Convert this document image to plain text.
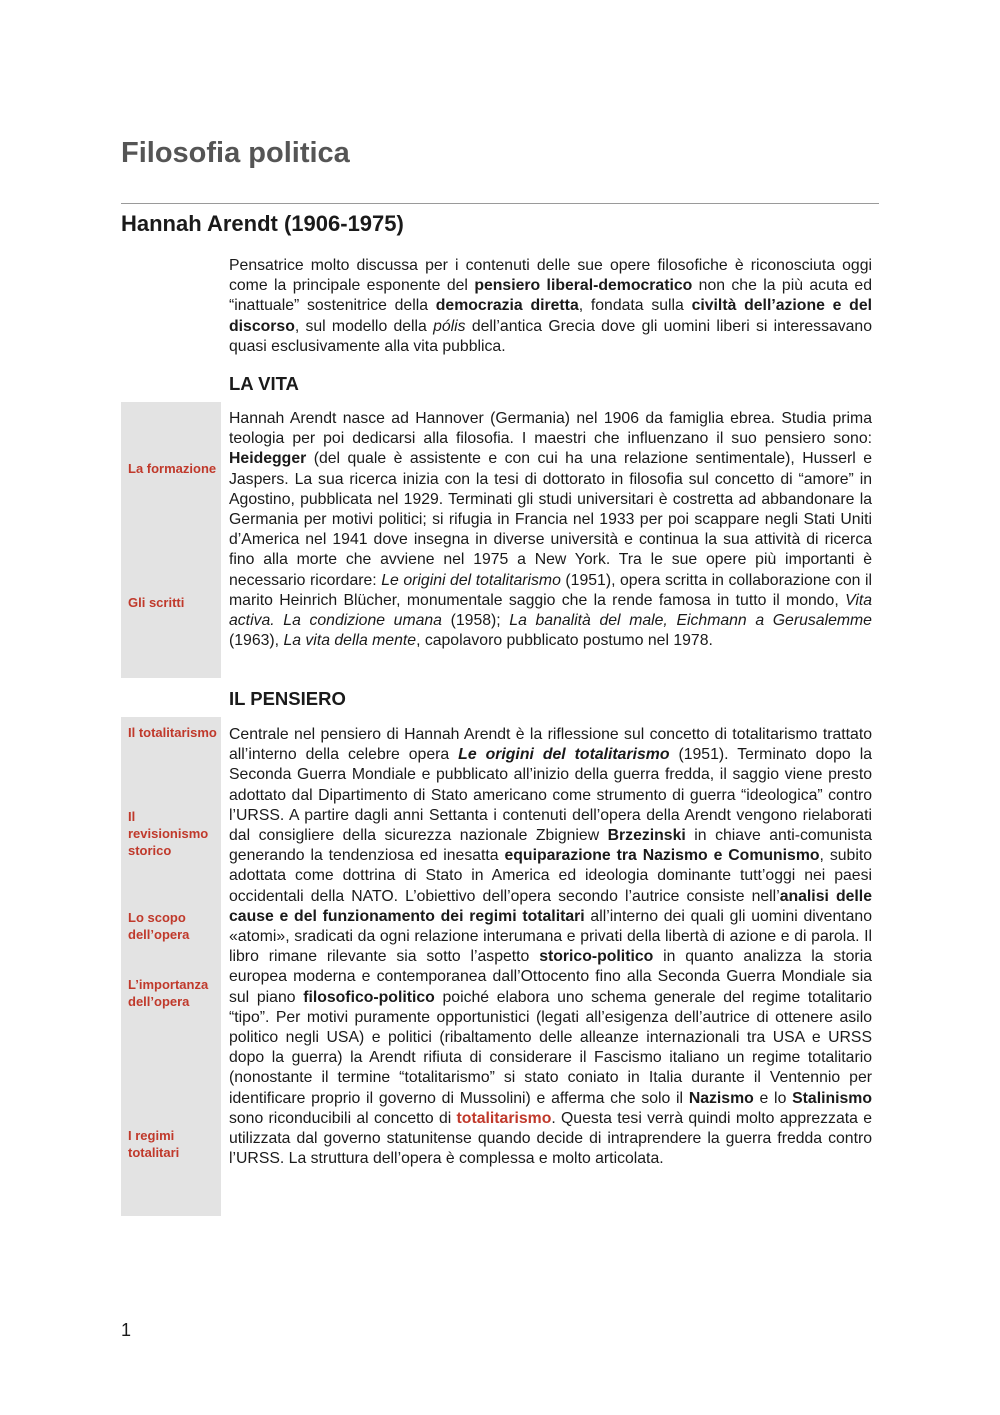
Filosofia politica
Hannah Arendt (1906-1975)

Pensatrice molto discussa per i contenuti delle sue opere filosofiche è riconosciuta oggi come la principale esponente del pensiero liberal-democratico non che la più acuta ed “inattuale” sostenitrice della democrazia diretta, fondata sulla civiltà dell’azione e del discorso, sul modello della pólis dell’antica Grecia dove gli uomini liberi si interessavano quasi esclusivamente alla vita pubblica.

LA VITA
La formazione
Gli scritti

Hannah Arendt nasce ad Hannover (Germania) nel 1906 da famiglia ebrea. Studia prima teologia per poi dedicarsi alla filosofia. I maestri che influenzano il suo pensiero sono: Heidegger (del quale è assistente e con cui ha una relazione sentimentale), Husserl e Jaspers. La sua ricerca inizia con la tesi di dottorato in filosofia sul concetto di “amore” in Agostino, pubblicata nel 1929. Terminati gli studi universitari è costretta ad abbandonare la Germania per motivi politici; si rifugia in Francia nel 1933 per poi scappare negli Stati Uniti d’America nel 1941 dove insegna in diverse università e continua la sua attività di ricerca fino alla morte che avviene nel 1975 a New York. Tra le sue opere più importanti è necessario ricordare: Le origini del totalitarismo (1951), opera scritta in collaborazione con il marito Heinrich Blücher, monumentale saggio che la rende famosa in tutto il mondo, Vita activa. La condizione umana (1958); La banalità del male, Eichmann a Gerusalemme (1963), La vita della mente, capolavoro pubblicato postumo nel 1978.

IL PENSIERO
Il totalitarismo
Il revisionismo storico
Lo scopo dell’opera
L’importanza dell’opera
I regimi totalitari

Centrale nel pensiero di Hannah Arendt è la riflessione sul concetto di totalitarismo trattato all’interno della celebre opera Le origini del totalitarismo (1951). Terminato dopo la Seconda Guerra Mondiale e pubblicato all’inizio della guerra fredda, il saggio viene presto adottato dal Dipartimento di Stato americano come strumento di guerra “ideologica” contro l’URSS. A partire dagli anni Settanta i contenuti dell’opera della Arendt vengono rielaborati dal consigliere della sicurezza nazionale Zbigniew Brzezinski in chiave anti-comunista generando la tendenziosa ed inesatta equiparazione tra Nazismo e Comunismo, subito adottata come dottrina di Stato in America ed ideologia dominante tutt’oggi nei paesi occidentali della NATO. L’obiettivo dell’opera secondo l’autrice consiste nell’analisi delle cause e del funzionamento dei regimi totalitari all’interno dei quali gli uomini diventano «atomi», sradicati da ogni relazione interumana e privati della libertà di azione e di parola. Il libro rimane rilevante sia sotto l’aspetto storico-politico in quanto analizza la storia europea moderna e contemporanea dall’Ottocento fino alla Seconda Guerra Mondiale sia sul piano filosofico-politico poiché elabora uno schema generale del regime totalitario “tipo”. Per motivi puramente opportunistici (legati all’esigenza dell’autrice di ottenere asilo politico negli USA) e politici (ribaltamento delle alleanze internazionali tra USA e URSS dopo la guerra) la Arendt rifiuta di considerare il Fascismo italiano un regime totalitario (nonostante il termine “totalitarismo” si stato coniato in Italia durante il Ventennio per identificare proprio il governo di Mussolini) e afferma che solo il Nazismo e lo Stalinismo sono riconducibili al concetto di totalitarismo. Questa tesi verrà quindi molto apprezzata e utilizzata dal governo statunitense quando decide di intraprendere la guerra fredda contro l’URSS. La struttura dell’opera è complessa e molto articolata.

1
